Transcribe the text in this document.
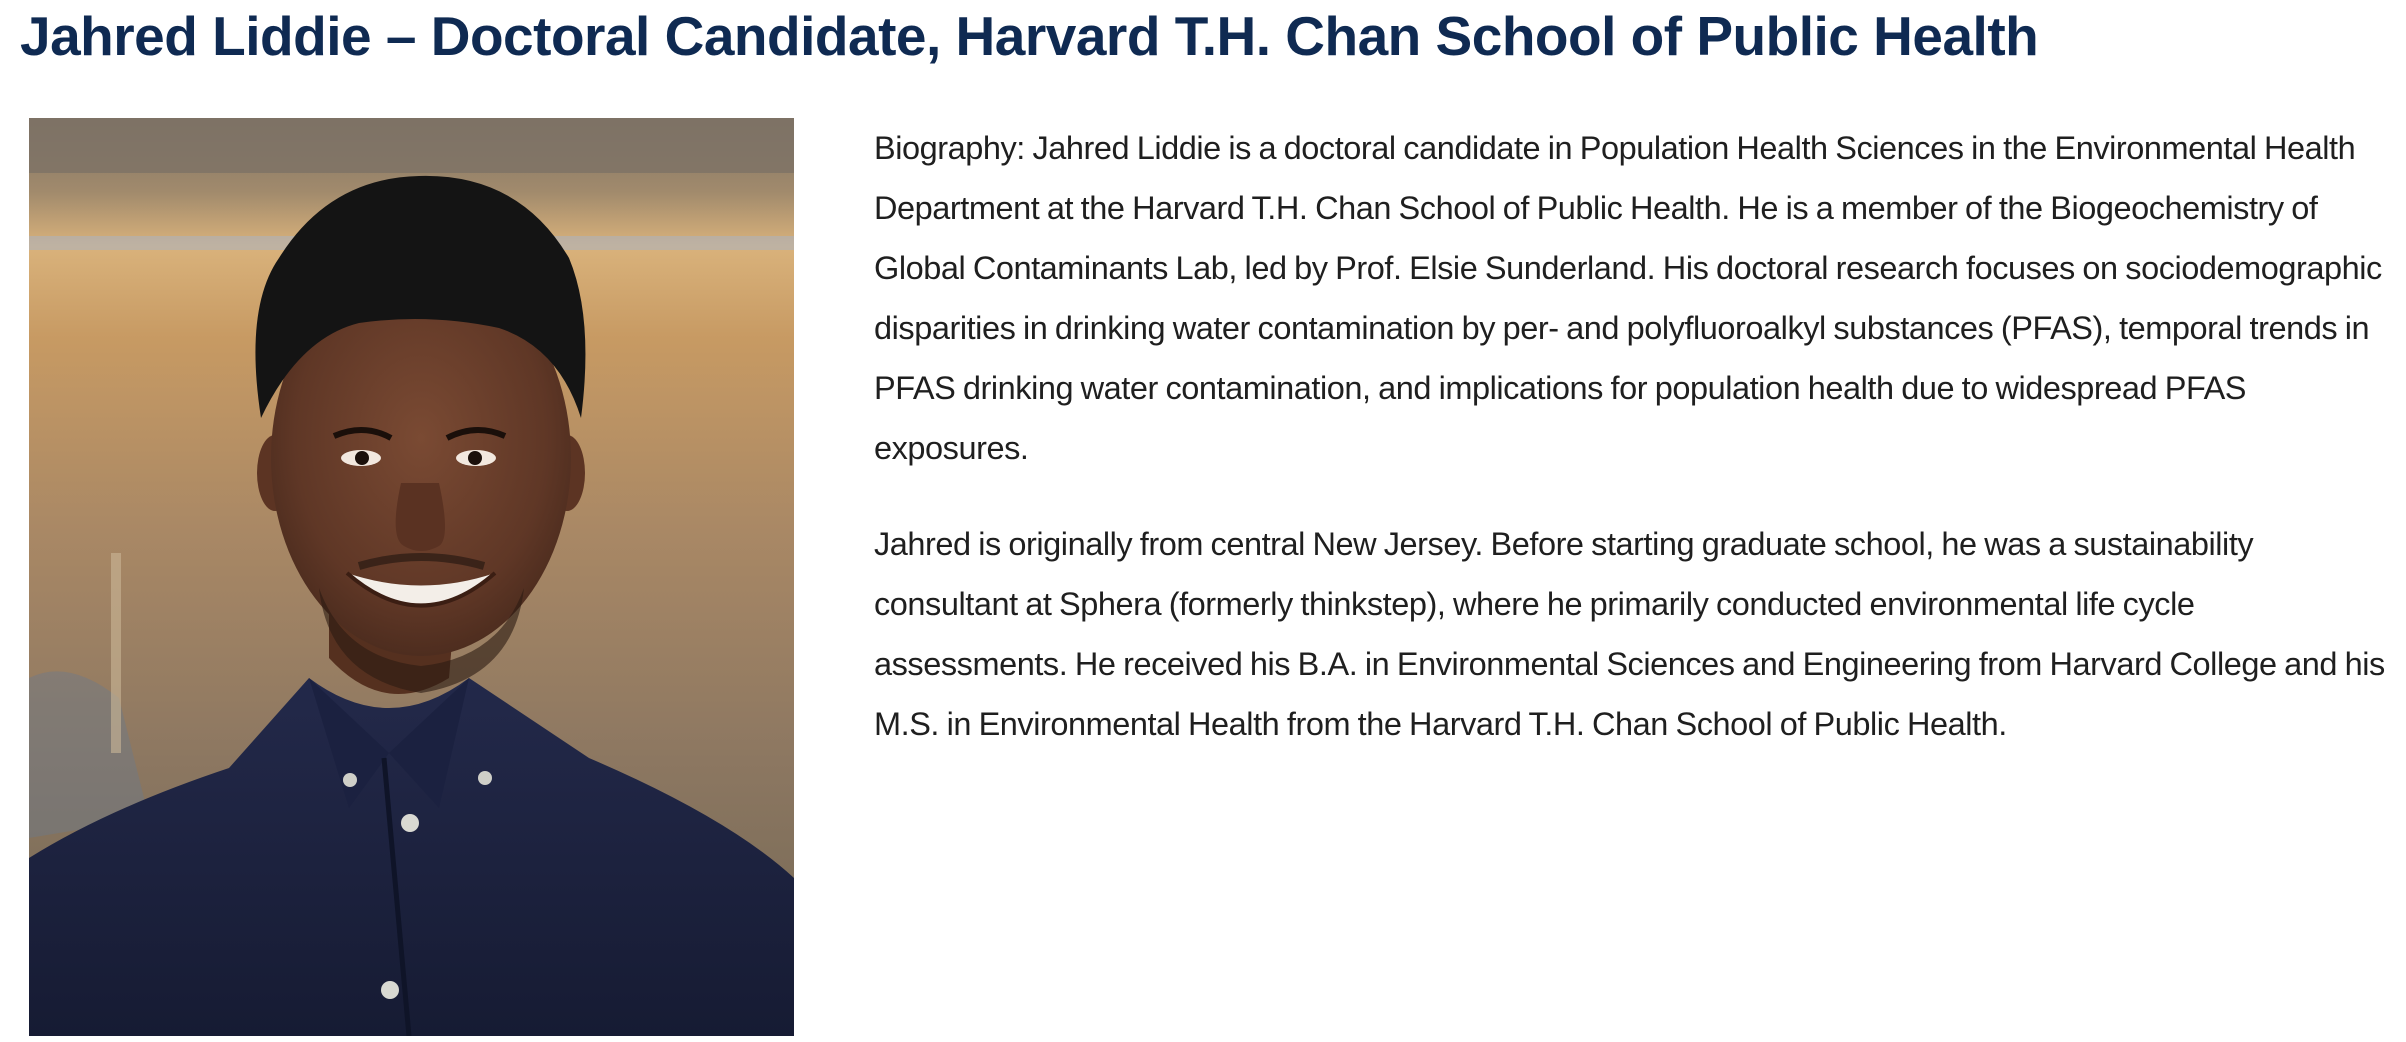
Jahred Liddie – Doctoral Candidate, Harvard T.H. Chan School of Public Health

Biography: Jahred Liddie is a doctoral candidate in Population Health Sciences in the Environmental Health Department at the Harvard T.H. Chan School of Public Health. He is a member of the Biogeochemistry of Global Contaminants Lab, led by Prof. Elsie Sunderland. His doctoral research focuses on sociodemographic disparities in drinking water contamination by per- and polyfluoroalkyl substances (PFAS), temporal trends in PFAS drinking water contamination, and implications for population health due to widespread PFAS exposures.

Jahred is originally from central New Jersey. Before starting graduate school, he was a sustainability consultant at Sphera (formerly thinkstep), where he primarily conducted environmental life cycle assessments. He received his B.A. in Environmental Sciences and Engineering from Harvard College and his M.S. in Environmental Health from the Harvard T.H. Chan School of Public Health.
